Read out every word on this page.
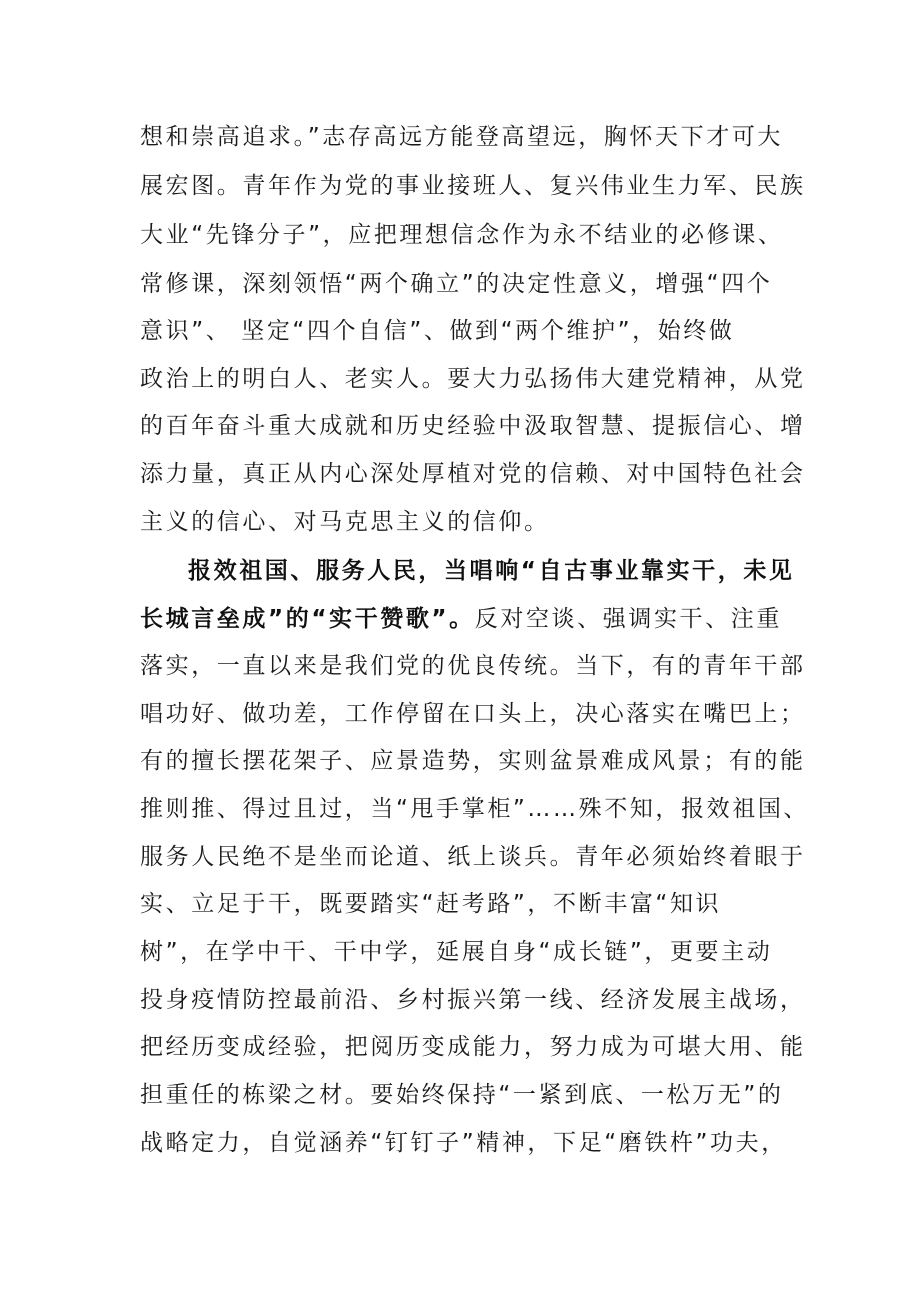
想和崇高追求。”志存高远方能登高望远，胸怀天下才可大
展宏图。青年作为党的事业接班人、复兴伟业生力军、民族
大业“先锋分子”，应把理想信念作为永不结业的必修课、
常修课，深刻领悟“两个确立”的决定性意义，增强“四个
意识”、 坚定“四个自信”、做到“两个维护”，始终做
政治上的明白人、老实人。要大力弘扬伟大建党精神，从党
的百年奋斗重大成就和历史经验中汲取智慧、提振信心、增
添力量，真正从内心深处厚植对党的信赖、对中国特色社会
主义的信心、对马克思主义的信仰。
报效祖国、服务人民，当唱响“自古事业靠实干，未见
长城言垒成”的“实干赞歌”。反对空谈、强调实干、注重
落实，一直以来是我们党的优良传统。当下，有的青年干部
唱功好、做功差，工作停留在口头上，决心落实在嘴巴上；
有的擅长摆花架子、应景造势，实则盆景难成风景；有的能
推则推、得过且过，当“甩手掌柜”……殊不知，报效祖国、
服务人民绝不是坐而论道、纸上谈兵。青年必须始终着眼于
实、立足于干，既要踏实“赶考路”，不断丰富“知识
树”，在学中干、干中学，延展自身“成长链”，更要主动
投身疫情防控最前沿、乡村振兴第一线、经济发展主战场，
把经历变成经验，把阅历变成能力，努力成为可堪大用、能
担重任的栋梁之材。要始终保持“一紧到底、一松万无”的
战略定力，自觉涵养“钉钉子”精神，下足“磨铁杵”功夫，
